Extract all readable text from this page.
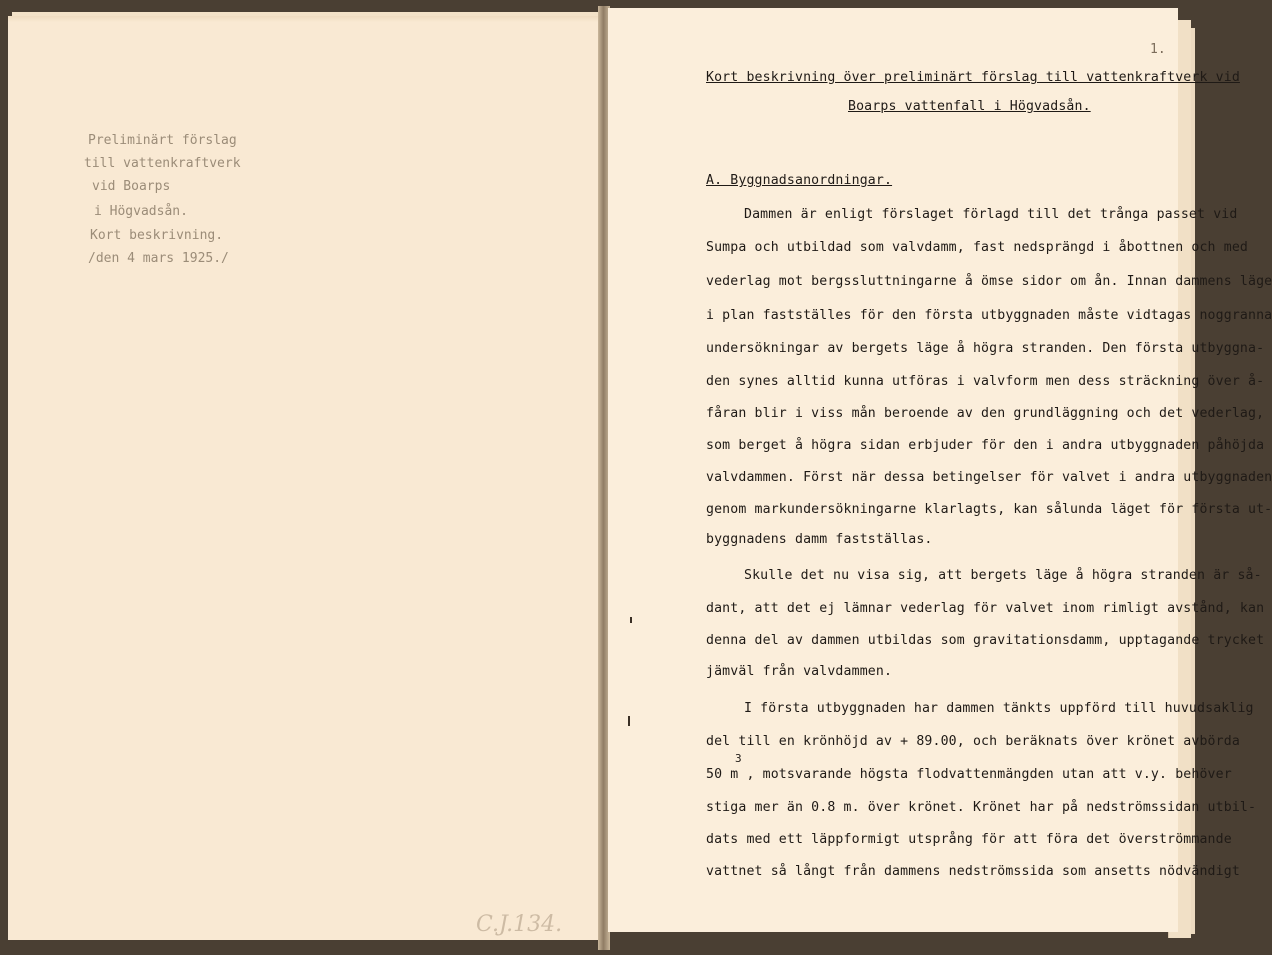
Preliminärt förslag
till vattenkraftverk
vid Boarps
i Högvadsån.
Kort beskrivning.
/den 4 mars 1925./
C.J.134.
1.
Kort beskrivning över preliminärt förslag till vattenkraftverk vid
Boarps vattenfall i Högvadsån.
A. Byggnadsanordningar.
Dammen är enligt förslaget förlagd till det trånga passet vid
Sumpa och utbildad som valvdamm, fast nedsprängd i åbottnen och med
vederlag mot bergssluttningarne å ömse sidor om ån. Innan dammens läge
i plan fastställes för den första utbyggnaden måste vidtagas noggranna
undersökningar av bergets läge å högra stranden. Den första utbyggna-
den synes alltid kunna utföras i valvform men dess sträckning över å-
fåran blir i viss mån beroende av den grundläggning och det vederlag,
som berget å högra sidan erbjuder för den i andra utbyggnaden påhöjda
valvdammen. Först när dessa betingelser för valvet i andra utbyggnaden
genom markundersökningarne klarlagts, kan sålunda läget för första ut-
byggnadens damm fastställas.
Skulle det nu visa sig, att bergets läge å högra stranden är så-
dant, att det ej lämnar vederlag för valvet inom rimligt avstånd, kan
denna del av dammen utbildas som gravitationsdamm, upptagande trycket
jämväl från valvdammen.
I första utbyggnaden har dammen tänkts uppförd till huvudsaklig
del till en krönhöjd av + 89.00, och beräknats över krönet avbörda
50 m , motsvarande högsta flodvattenmängden utan att v.y. behöver
3
stiga mer än 0.8 m. över krönet. Krönet har på nedströmssidan utbil-
dats med ett läppformigt utsprång för att föra det överströmmande
vattnet så långt från dammens nedströmssida som ansetts nödvändigt
